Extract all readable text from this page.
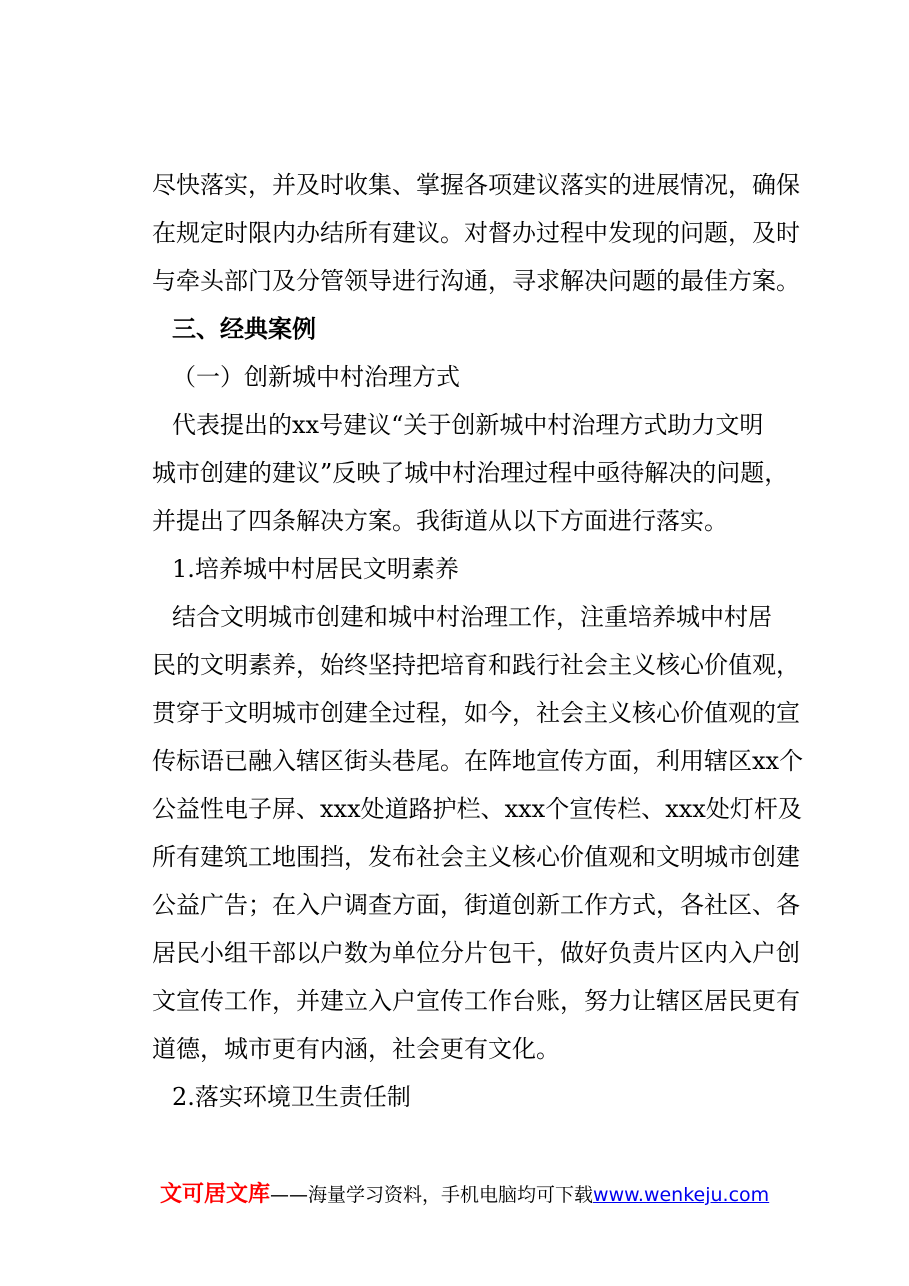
尽快落实，并及时收集、掌握各项建议落实的进展情况，确保
在规定时限内办结所有建议。对督办过程中发现的问题，及时
与牵头部门及分管领导进行沟通，寻求解决问题的最佳方案。
三、经典案例
（一）创新城中村治理方式
代表提出的xx号建议“关于创新城中村治理方式助力文明
城市创建的建议”反映了城中村治理过程中亟待解决的问题，
并提出了四条解决方案。我街道从以下方面进行落实。
1.培养城中村居民文明素养
结合文明城市创建和城中村治理工作，注重培养城中村居
民的文明素养，始终坚持把培育和践行社会主义核心价值观，
贯穿于文明城市创建全过程，如今，社会主义核心价值观的宣
传标语已融入辖区街头巷尾。在阵地宣传方面，利用辖区xx个
公益性电子屏、xxx处道路护栏、xxx个宣传栏、xxx处灯杆及
所有建筑工地围挡，发布社会主义核心价值观和文明城市创建
公益广告；在入户调查方面，街道创新工作方式，各社区、各
居民小组干部以户数为单位分片包干，做好负责片区内入户创
文宣传工作，并建立入户宣传工作台账，努力让辖区居民更有
道德，城市更有内涵，社会更有文化。
2.落实环境卫生责任制
文可居文库——海量学习资料，手机电脑均可下载www.wenkeju.com
